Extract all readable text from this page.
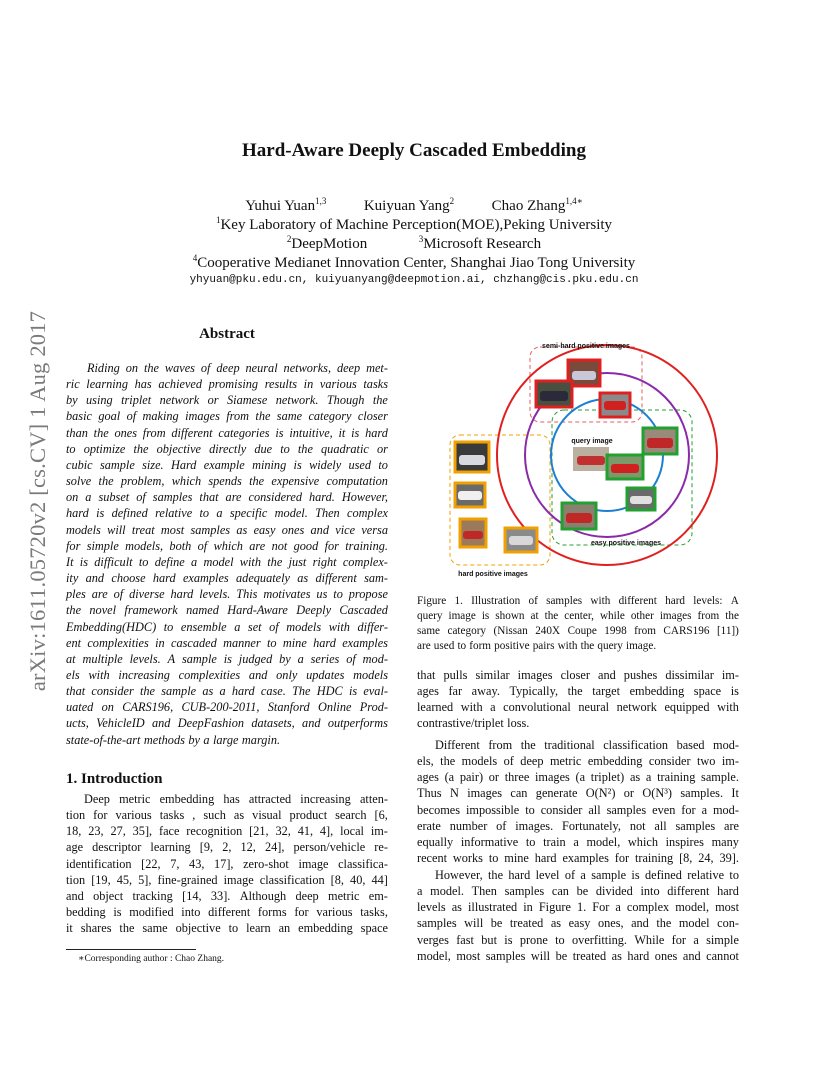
Hard-Aware Deeply Cascaded Embedding
Yuhui Yuan$^{1,3}$	Kuiyuan Yang$^2$	Chao Zhang$^{1,4∗}$
$^1$Key Laboratory of Machine Perception(MOE),Peking University
$^2$DeepMotion	$^3$Microsoft Research
$^4$Cooperative Medianet Innovation Center, Shanghai Jiao Tong University
yhyuan@pku.edu.cn, kuiyuanyang@deepmotion.ai, chzhang@cis.pku.edu.cn
arXiv:1611.05720v2 [cs.CV] 1 Aug 2017	Abstract
Riding on the waves of deep neural networks, deep met-
ric learning has achieved promising results in various tasks
by using triplet network or Siamese network. Though the
basic goal of making images from the same category closer
than the ones from different categories is intuitive, it is hard
to optimize the objective directly due to the quadratic or
cubic sample size. Hard example mining is widely used to
solve the problem, which spends the expensive computation
on a subset of samples that are considered hard. However,
hard is defined relative to a specific model. Then complex
models will treat most samples as easy ones and vice versa
for simple models, both of which are not good for training.
It is difficult to define a model with the just right complex-
ity and choose hard examples adequately as different sam-
ples are of diverse hard levels. This motivates us to propose
the novel framework named Hard-Aware Deeply Cascaded
Embedding(HDC) to ensemble a set of models with differ-
ent complexities in cascaded manner to mine hard examples
at multiple levels. A sample is judged by a series of mod-
els with increasing complexities and only updates models
that consider the sample as a hard case. The HDC is eval-
uated on CARS196, CUB-200-2011, Stanford Online Prod-
ucts, VehicleID and DeepFashion datasets, and outperforms
state-of-the-art methods by a large margin.
1. Introduction
Deep metric embedding has attracted increasing atten-
tion for various tasks , such as visual product search [6,
18, 23, 27, 35], face recognition [21, 32, 41, 4], local im-
age descriptor learning [9, 2, 12, 24], person/vehicle re-
identification [22, 7, 43, 17], zero-shot image classifica-
tion [19, 45, 5], fine-grained image classification [8, 40, 44]
and object tracking [14, 33]. Although deep metric em-
bedding is modified into different forms for various tasks,
it shares the same objective to learn an embedding space
∗Corresponding author : Chao Zhang.
query image
semi-hard positive images
easy positive images
hard positive images
Figure 1. Illustration of samples with different hard levels: A
query image is shown at the center, while other images from the
same category (Nissan 240X Coupe 1998 from CARS196 [11])
are used to form positive pairs with the query image.
that pulls similar images closer and pushes dissimilar im-
ages far away. Typically, the target embedding space is
learned with a convolutional neural network equipped with
contrastive/triplet loss.
Different from the traditional classification based mod-
els, the models of deep metric embedding consider two im-
ages (a pair) or three images (a triplet) as a training sample.
Thus N images can generate O(N²) or O(N³) samples. It
becomes impossible to consider all samples even for a mod-
erate number of images. Fortunately, not all samples are
equally informative to train a model, which inspires many
recent works to mine hard examples for training [8, 24, 39].
However, the hard level of a sample is defined relative to
a model. Then samples can be divided into different hard
levels as illustrated in Figure 1. For a complex model, most
samples will be treated as easy ones, and the model con-
verges fast but is prone to overfitting. While for a simple
model, most samples will be treated as hard ones and cannot
